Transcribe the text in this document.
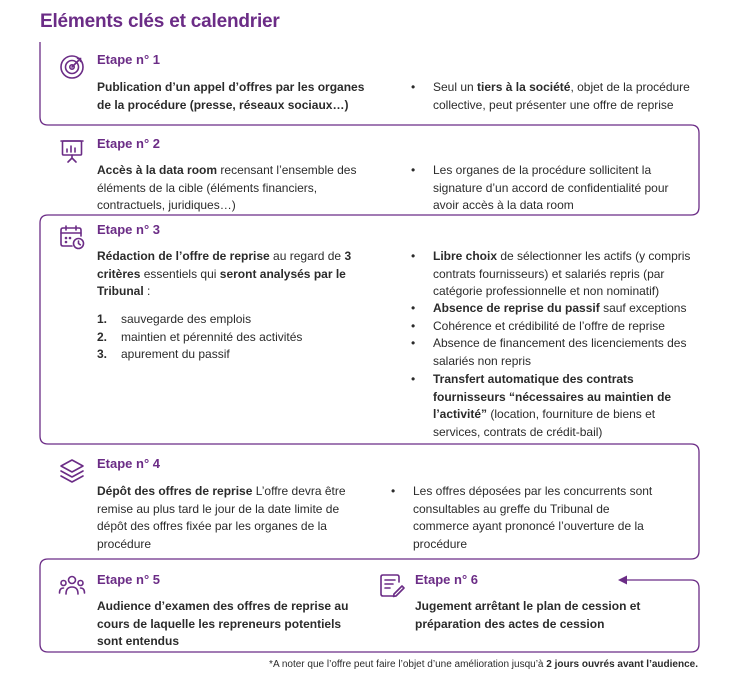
Eléments clés et calendrier
Etape n° 1
Publication d’un appel d’offres par les organes de la procédure (presse, réseaux sociaux…)
• Seul un tiers à la société, objet de la procédure collective, peut présenter une offre de reprise
Etape n° 2
Accès à la data room recensant l’ensemble des éléments de la cible (éléments financiers, contractuels, juridiques…)
• Les organes de la procédure sollicitent la signature d’un accord de confidentialité pour avoir accès à la data room
Etape n° 3
Rédaction de l’offre de reprise au regard de 3 critères essentiels qui seront analysés par le Tribunal :
1. sauvegarde des emplois
2. maintien et pérennité des activités
3. apurement du passif
• Libre choix de sélectionner les actifs (y compris contrats fournisseurs) et salariés repris (par catégorie professionnelle et non nominatif)
• Absence de reprise du passif sauf exceptions
• Cohérence et crédibilité de l’offre de reprise
• Absence de financement des licenciements des salariés non repris
• Transfert automatique des contrats fournisseurs “nécessaires au maintien de l’activité” (location, fourniture de biens et services, contrats de crédit-bail)
Etape n° 4
Dépôt des offres de reprise L’offre devra être remise au plus tard le jour de la date limite de dépôt des offres fixée par les organes de la procédure
• Les offres déposées par les concurrents sont consultables au greffe du Tribunal de commerce ayant prononcé l’ouverture de la procédure
Etape n° 5
Audience d’examen des offres de reprise au cours de laquelle les repreneurs potentiels sont entendus
Etape n° 6
Jugement arrêtant le plan de cession et préparation des actes de cession
*A noter que l’offre peut faire l’objet d’une amélioration jusqu’à 2 jours ouvrés avant l’audience.
